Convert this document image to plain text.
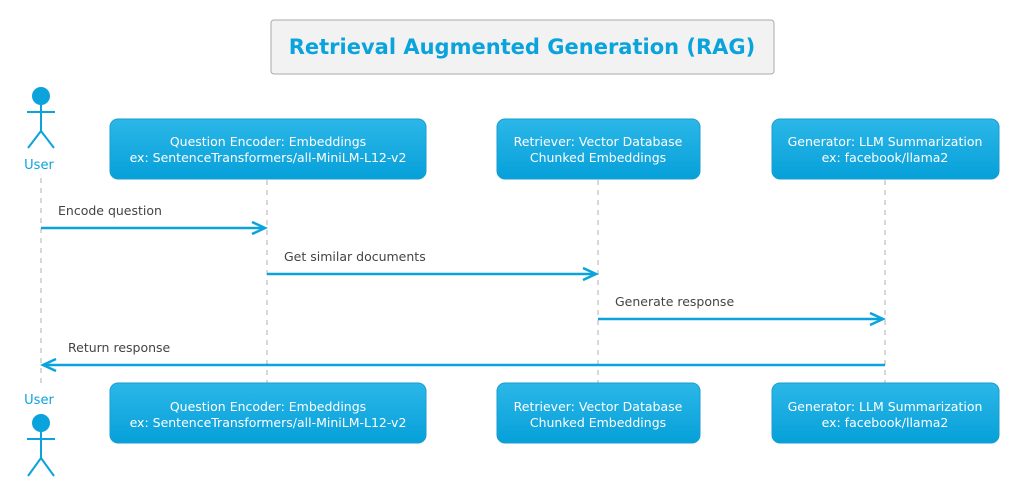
Retrieval Augmented Generation (RAG)
User
User
Question Encoder: Embeddings
ex: SentenceTransformers/all-MiniLM-L12-v2
Retriever: Vector Database
Chunked Embeddings
Generator: LLM Summarization
ex: facebook/llama2
Question Encoder: Embeddings
ex: SentenceTransformers/all-MiniLM-L12-v2
Retriever: Vector Database
Chunked Embeddings
Generator: LLM Summarization
ex: facebook/llama2
Encode question
Get similar documents
Generate response
Return response
